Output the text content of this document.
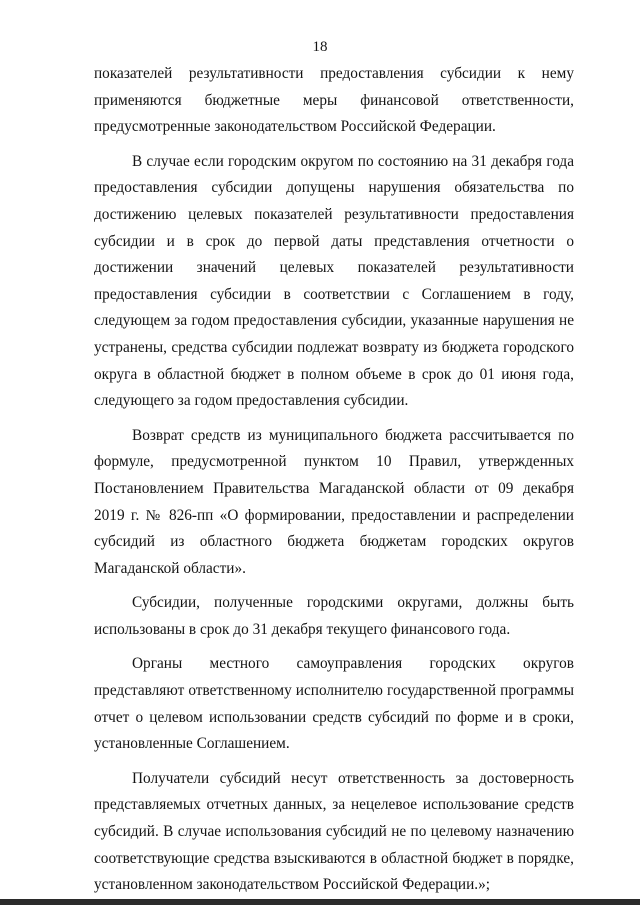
18

показателей результативности предоставления субсидии к нему применяются бюджетные меры финансовой ответственности, предусмотренные законодательством Российской Федерации.

В случае если городским округом по состоянию на 31 декабря года предоставления субсидии допущены нарушения обязательства по достижению целевых показателей результативности предоставления субсидии и в срок до первой даты представления отчетности о достижении значений целевых показателей результативности предоставления субсидии в соответствии с Соглашением в году, следующем за годом предоставления субсидии, указанные нарушения не устранены, средства субсидии подлежат возврату из бюджета городского округа в областной бюджет в полном объеме в срок до 01 июня года, следующего за годом предоставления субсидии.

Возврат средств из муниципального бюджета рассчитывается по формуле, предусмотренной пунктом 10 Правил, утвержденных Постановлением Правительства Магаданской области от 09 декабря 2019 г. № 826-пп «О формировании, предоставлении и распределении субсидий из областного бюджета бюджетам городских округов Магаданской области».

Субсидии, полученные городскими округами, должны быть использованы в срок до 31 декабря текущего финансового года.

Органы местного самоуправления городских округов представляют ответственному исполнителю государственной программы отчет о целевом использовании средств субсидий по форме и в сроки, установленные Соглашением.

Получатели субсидий несут ответственность за достоверность представляемых отчетных данных, за нецелевое использование средств субсидий. В случае использования субсидий не по целевому назначению соответствующие средства взыскиваются в областной бюджет в порядке, установленном законодательством Российской Федерации.»;
